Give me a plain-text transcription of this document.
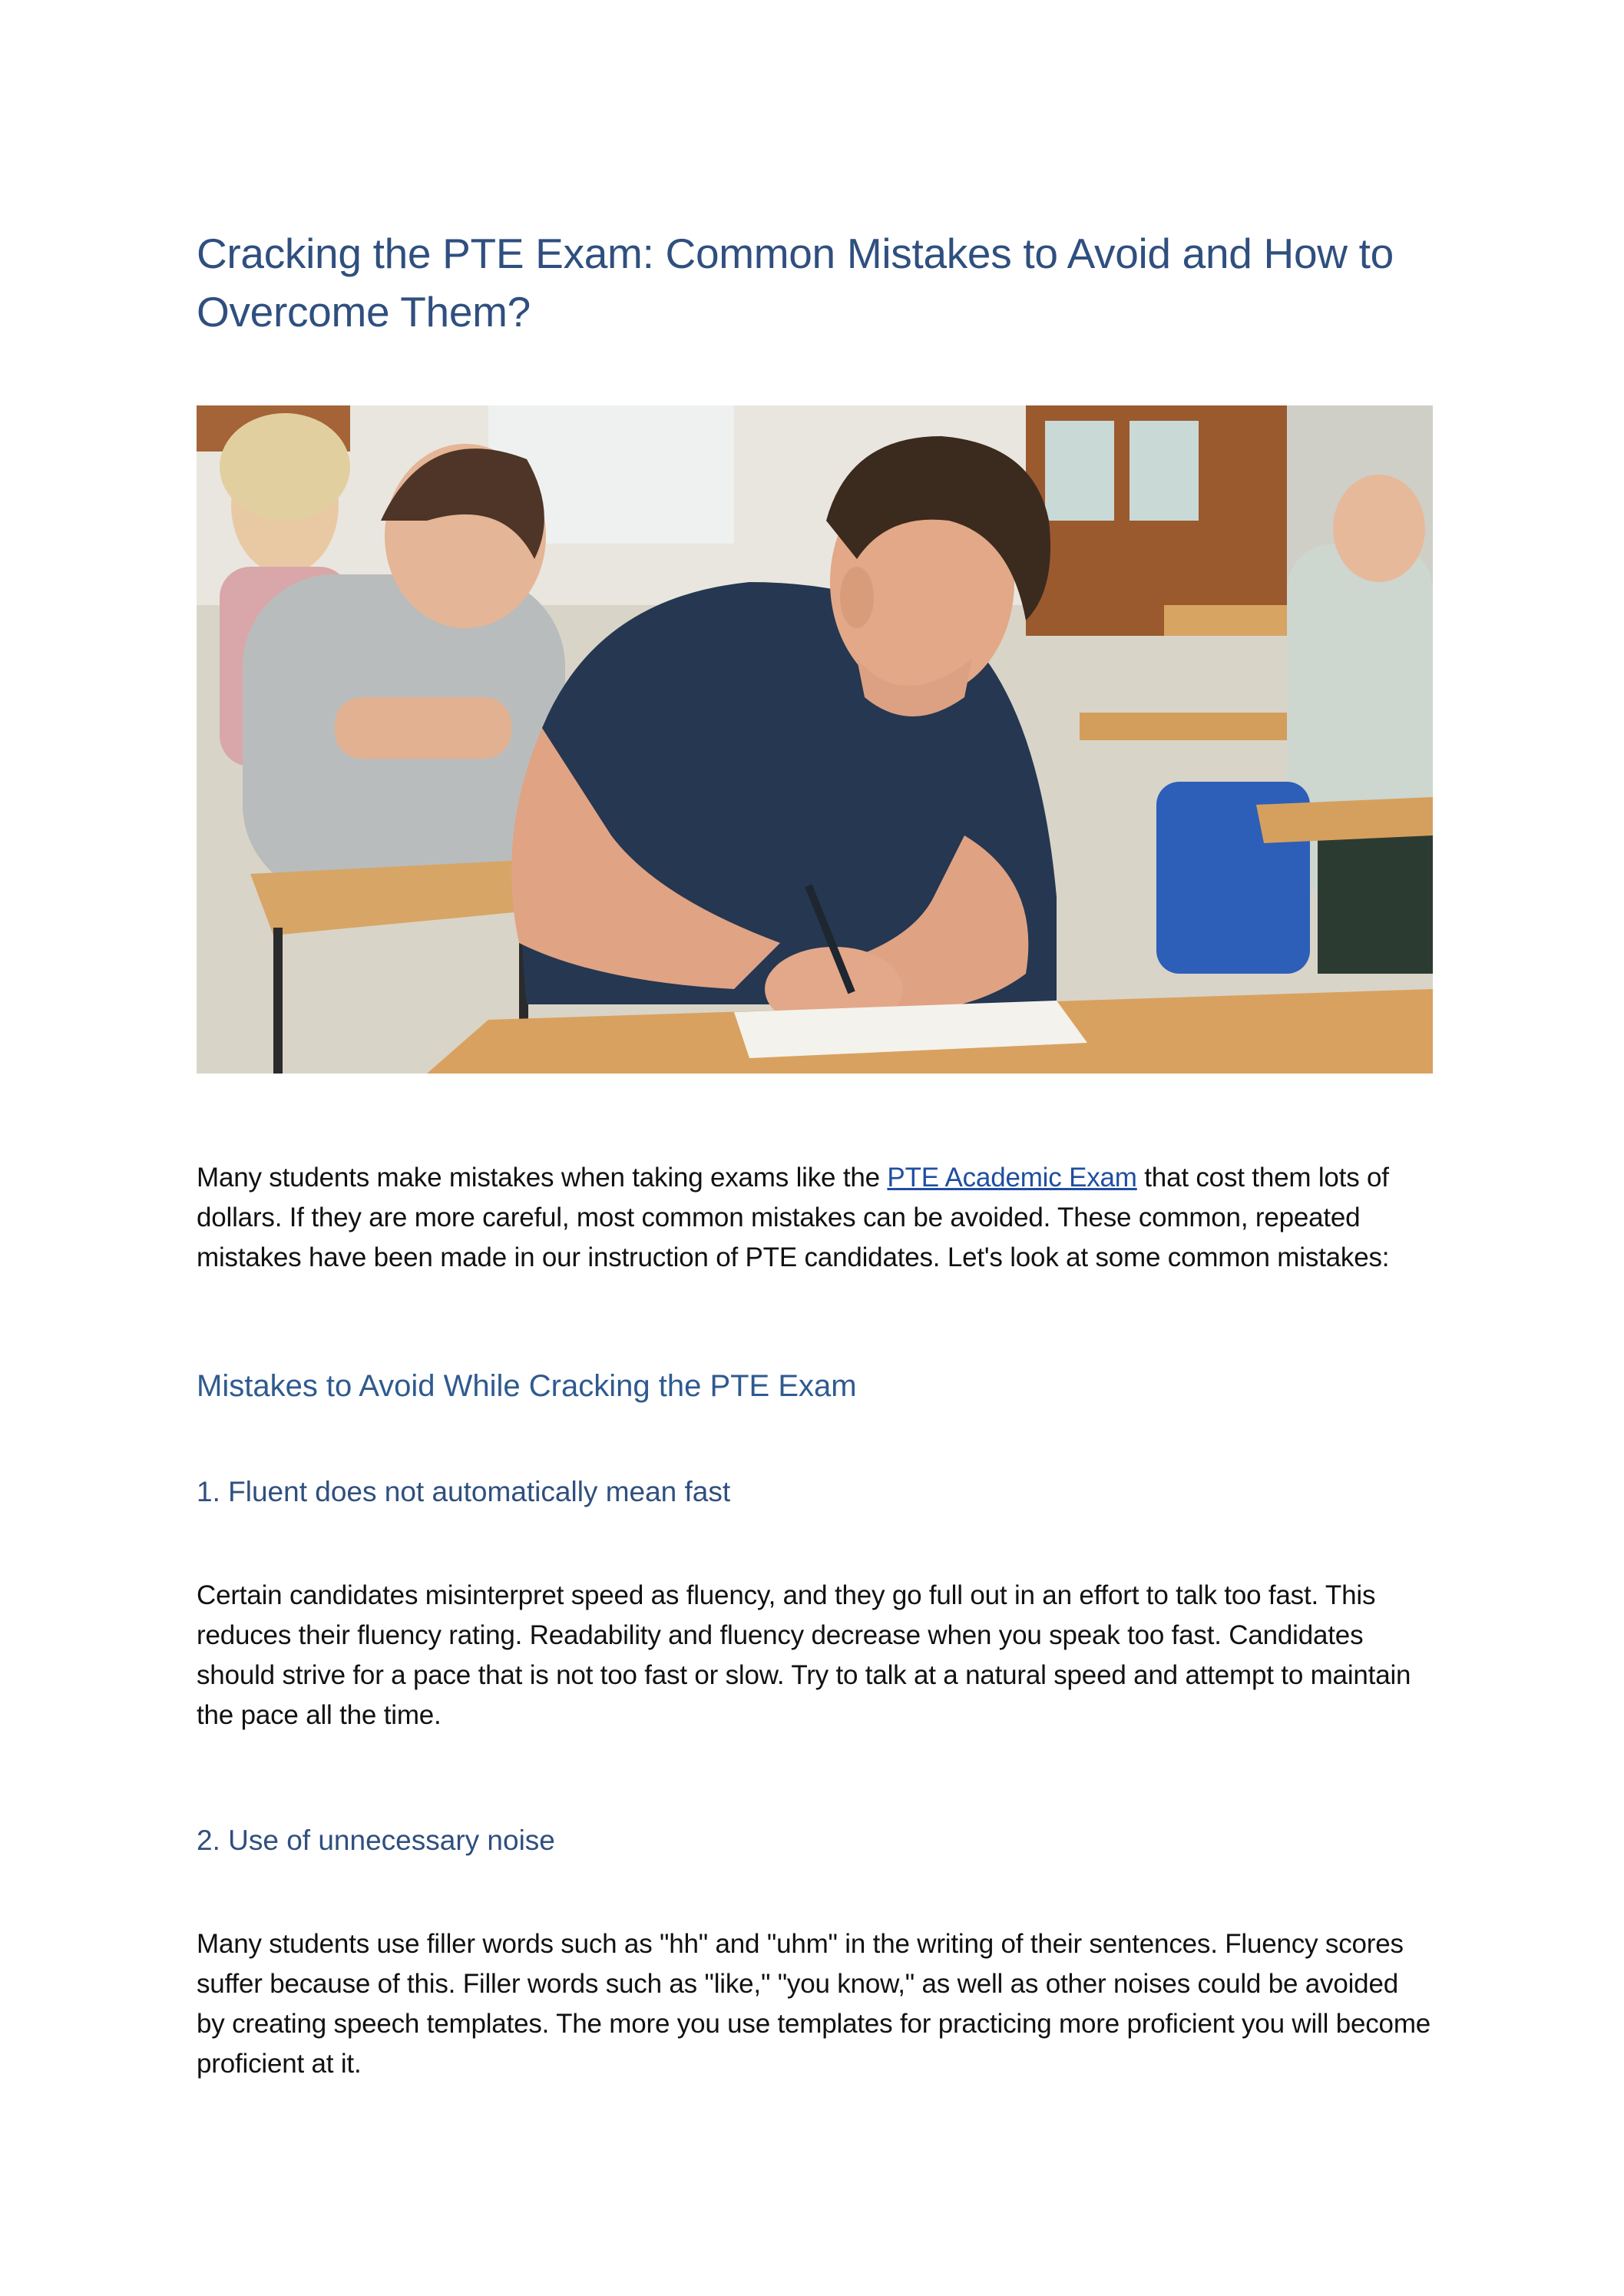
Cracking the PTE Exam: Common Mistakes to Avoid and How to Overcome Them?

Many students make mistakes when taking exams like the PTE Academic Exam that cost them lots of dollars. If they are more careful, most common mistakes can be avoided. These common, repeated mistakes have been made in our instruction of PTE candidates. Let's look at some common mistakes:

Mistakes to Avoid While Cracking the PTE Exam
1. Fluent does not automatically mean fast

Certain candidates misinterpret speed as fluency, and they go full out in an effort to talk too fast. This reduces their fluency rating. Readability and fluency decrease when you speak too fast. Candidates should strive for a pace that is not too fast or slow. Try to talk at a natural speed and attempt to maintain the pace all the time.

2. Use of unnecessary noise

Many students use filler words such as "hh" and "uhm" in the writing of their sentences. Fluency scores suffer because of this. Filler words such as "like," "you know," as well as other noises could be avoided by creating speech templates. The more you use templates for practicing more proficient you will become proficient at it.
